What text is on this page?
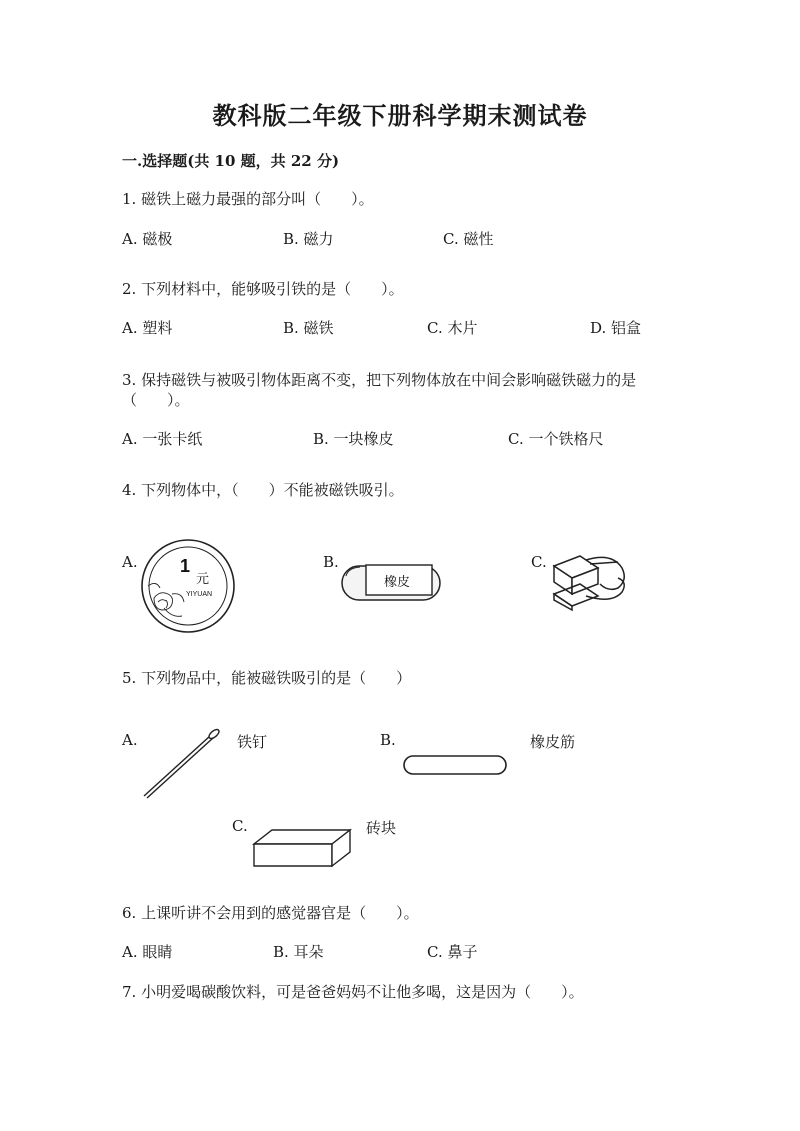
教科版二年级下册科学期末测试卷
一.选择题(共 10 题，共 22 分)
1. 磁铁上磁力最强的部分叫（　　）。
A. 磁极	B. 磁力	C. 磁性
2. 下列材料中，能够吸引铁的是（　　）。
A. 塑料	B. 磁铁	C. 木片	D. 铝盒
3. 保持磁铁与被吸引物体距离不变，把下列物体放在中间会影响磁铁磁力的是
（　　）。
A. 一张卡纸	B. 一块橡皮	C. 一个铁格尺
4. 下列物体中，（　　）不能被磁铁吸引。
A.	B.	C.
1
元
YIYUAN
橡皮
5. 下列物品中，能被磁铁吸引的是（　　）
A.	铁钉	B.	橡皮筋
C.	砖块
6. 上课听讲不会用到的感觉器官是（　　）。
A. 眼睛	B. 耳朵	C. 鼻子
7. 小明爱喝碳酸饮料，可是爸爸妈妈不让他多喝，这是因为（　　）。
